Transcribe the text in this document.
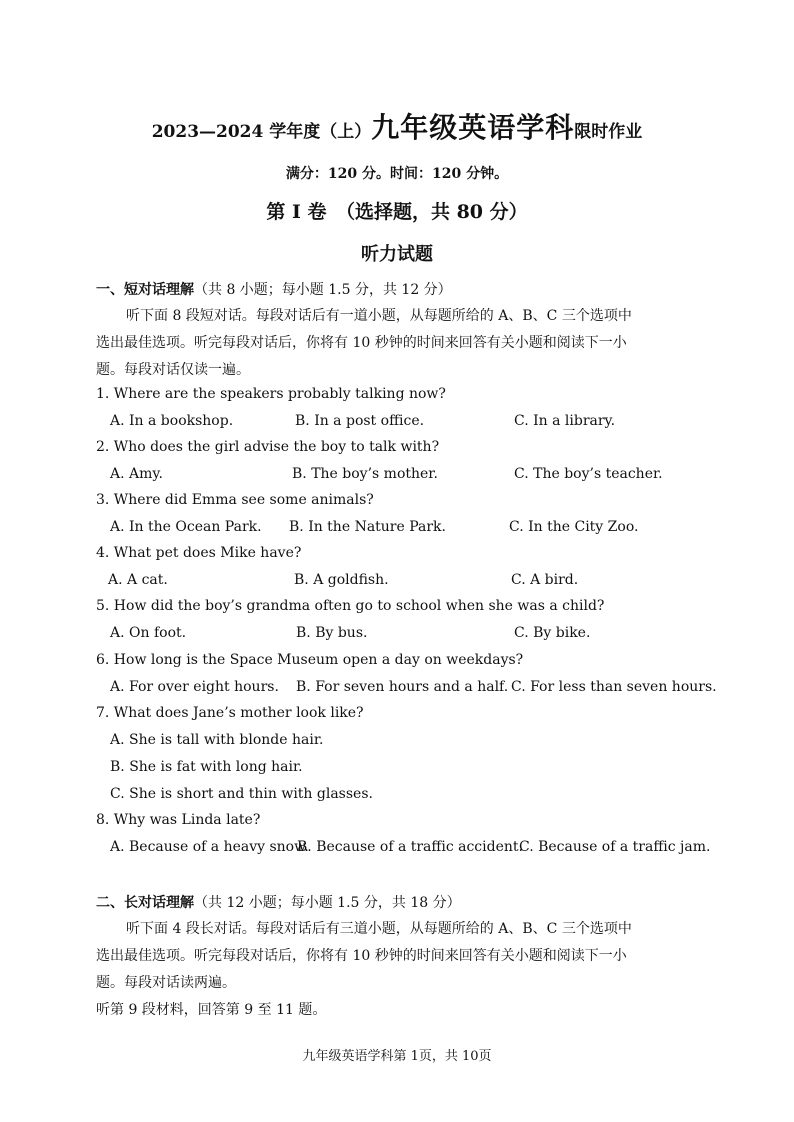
2023—2024 学年度（上）九年级英语学科限时作业
满分：120 分。时间：120 分钟。
第 I 卷　（选择题，共 80 分）
听力试题
一、短对话理解（共 8 小题；每小题 1.5 分，共 12 分）
听下面 8 段短对话。每段对话后有一道小题，从每题所给的 A、B、C 三个选项中
选出最佳选项。听完每段对话后，你将有 10 秒钟的时间来回答有关小题和阅读下一小
题。每段对话仅读一遍。
1. Where are the speakers probably talking now?
A. In a bookshop.	B. In a post office.	C. In a library.
2. Who does the girl advise the boy to talk with?
A. Amy.	B. The boy’s mother.	C. The boy’s teacher.
3. Where did Emma see some animals?
A. In the Ocean Park. B. In the Nature Park.	C. In the City Zoo.
4. What pet does Mike have?
A. A cat.	B. A goldfish.	C. A bird.
5. How did the boy’s grandma often go to school when she was a child?
A. On foot.	B. By bus.	C. By bike.
6. How long is the Space Museum open a day on weekdays?
A. For over eight hours. B. For seven hours and a half. C. For less than seven hours.
7. What does Jane’s mother look like?
A. She is tall with blonde hair.
B. She is fat with long hair.
C. She is short and thin with glasses.
8. Why was Linda late?
A. Because of a heavy snow.
B. Because of a traffic accident.
C. Because of a traffic jam.
二、长对话理解（共 12 小题；每小题 1.5 分，共 18 分）
听下面 4 段长对话。每段对话后有三道小题，从每题所给的 A、B、C 三个选项中
选出最佳选项。听完每段对话后，你将有 10 秒钟的时间来回答有关小题和阅读下一小
题。每段对话读两遍。
听第 9 段材料，回答第 9 至 11 题。
九年级英语学科第 1页，共 10页
